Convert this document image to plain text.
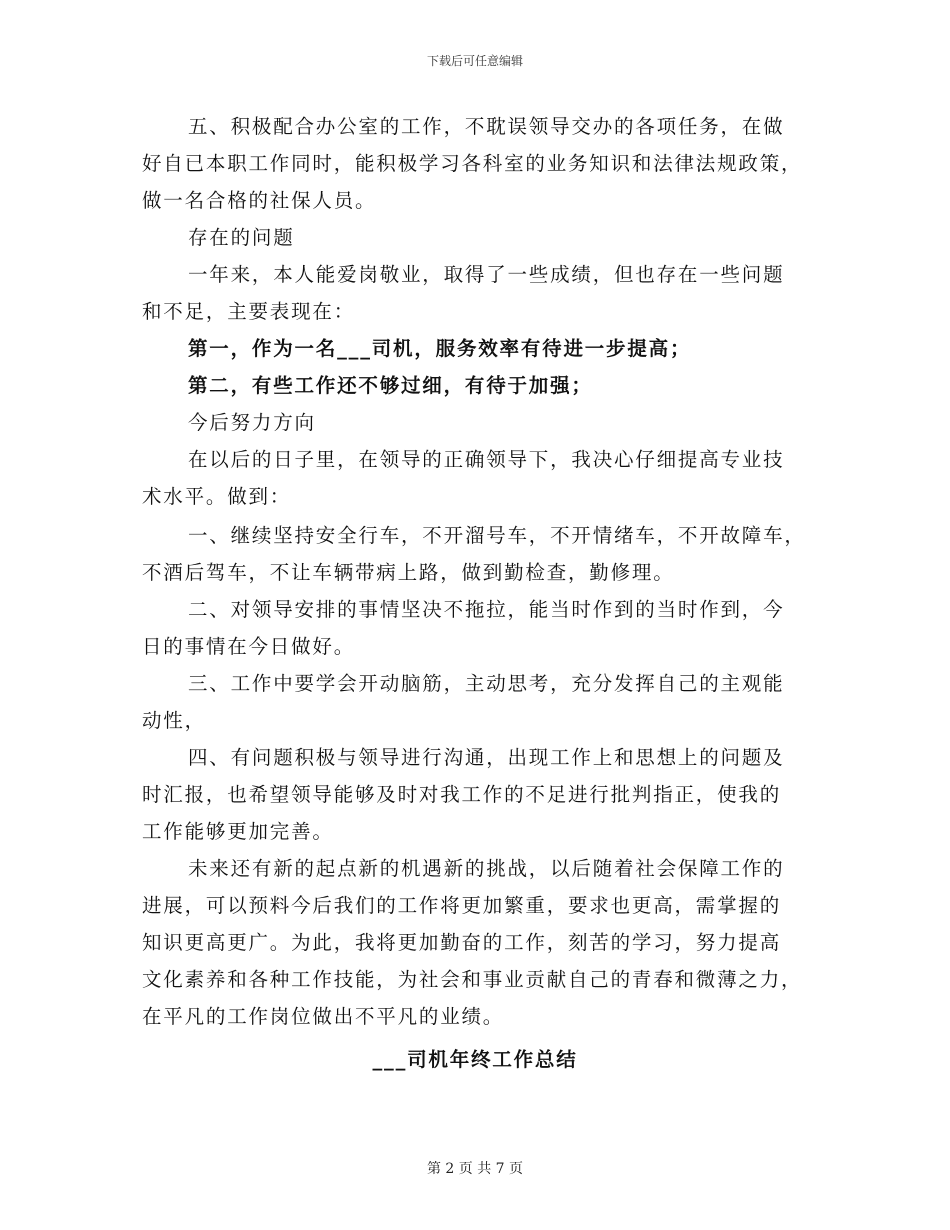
下载后可任意编辑
五、积极配合办公室的工作，不耽误领导交办的各项任务，在做
好自已本职工作同时，能积极学习各科室的业务知识和法律法规政策，
做一名合格的社保人员。
存在的问题
一年来，本人能爱岗敬业，取得了一些成绩，但也存在一些问题
和不足，主要表现在：
第一，作为一名___司机，服务效率有待进一步提高；
第二，有些工作还不够过细，有待于加强；
今后努力方向
在以后的日子里，在领导的正确领导下，我决心仔细提高专业技
术水平。做到：
一、继续坚持安全行车，不开溜号车，不开情绪车，不开故障车，
不酒后驾车，不让车辆带病上路，做到勤检查，勤修理。
二、对领导安排的事情坚决不拖拉，能当时作到的当时作到，今
日的事情在今日做好。
三、工作中要学会开动脑筋，主动思考，充分发挥自己的主观能
动性，
四、有问题积极与领导进行沟通，出现工作上和思想上的问题及
时汇报，也希望领导能够及时对我工作的不足进行批判指正，使我的
工作能够更加完善。
未来还有新的起点新的机遇新的挑战，以后随着社会保障工作的
进展，可以预料今后我们的工作将更加繁重，要求也更高，需掌握的
知识更高更广。为此，我将更加勤奋的工作，刻苦的学习，努力提高
文化素养和各种工作技能，为社会和事业贡献自己的青春和微薄之力，
在平凡的工作岗位做出不平凡的业绩。
___司机年终工作总结
第 2 页 共 7 页
